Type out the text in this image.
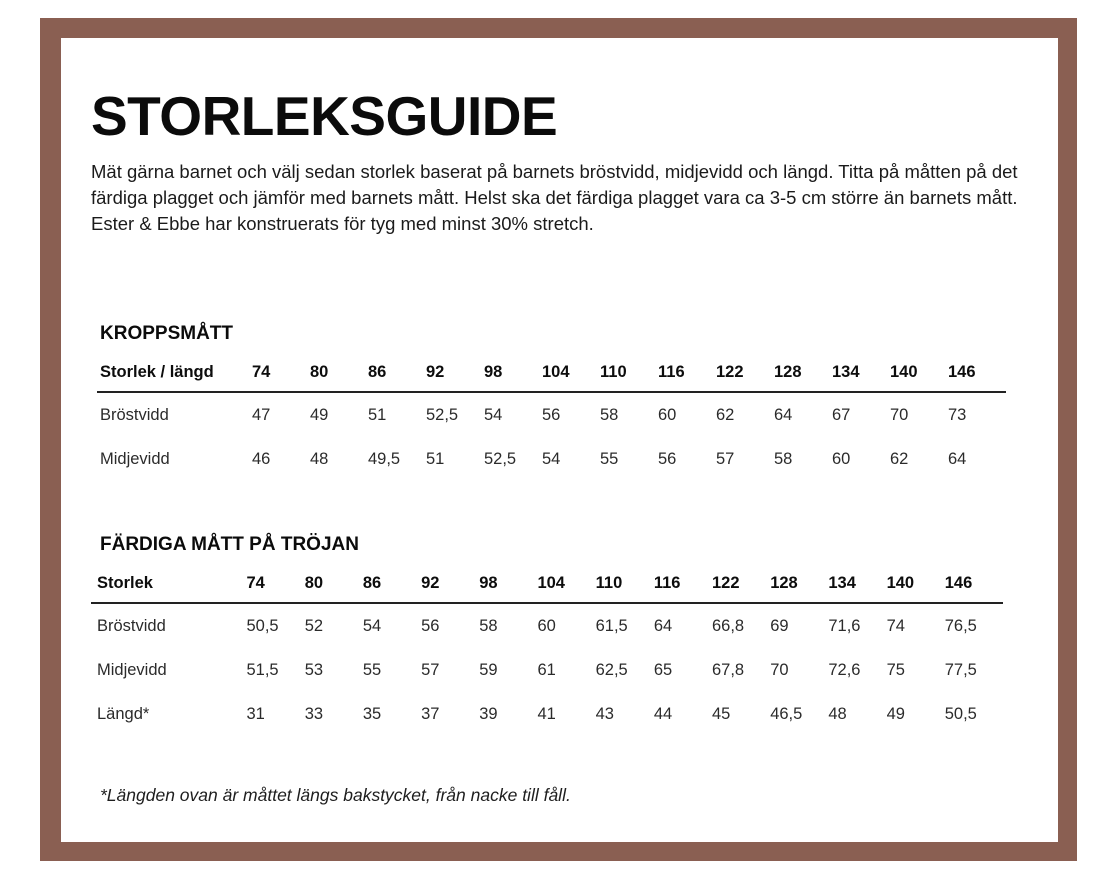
STORLEKSGUIDE

Mät gärna barnet och välj sedan storlek baserat på barnets bröstvidd, midjevidd och längd. Titta på måtten på det färdiga plagget och jämför med barnets mått. Helst ska det färdiga plagget vara ca 3-5 cm större än barnets mått.

Ester & Ebbe har konstruerats för tyg med minst 30% stretch.

KROPPSMÅTT
Storlek / längd	74	80	86	92	98	104	110	116	122	128	134	140	146
Bröstvidd	47	49	51	52,5	54	56	58	60	62	64	67	70	73
Midjevidd	46	48	49,5	51	52,5	54	55	56	57	58	60	62	64
FÄRDIGA MÅTT PÅ TRÖJAN
Storlek	74	80	86	92	98	104	110	116	122	128	134	140	146
Bröstvidd	50,5	52	54	56	58	60	61,5	64	66,8	69	71,6	74	76,5
Midjevidd	51,5	53	55	57	59	61	62,5	65	67,8	70	72,6	75	77,5
Längd*	31	33	35	37	39	41	43	44	45	46,5	48	49	50,5

*Längden ovan är måttet längs bakstycket, från nacke till fåll.
